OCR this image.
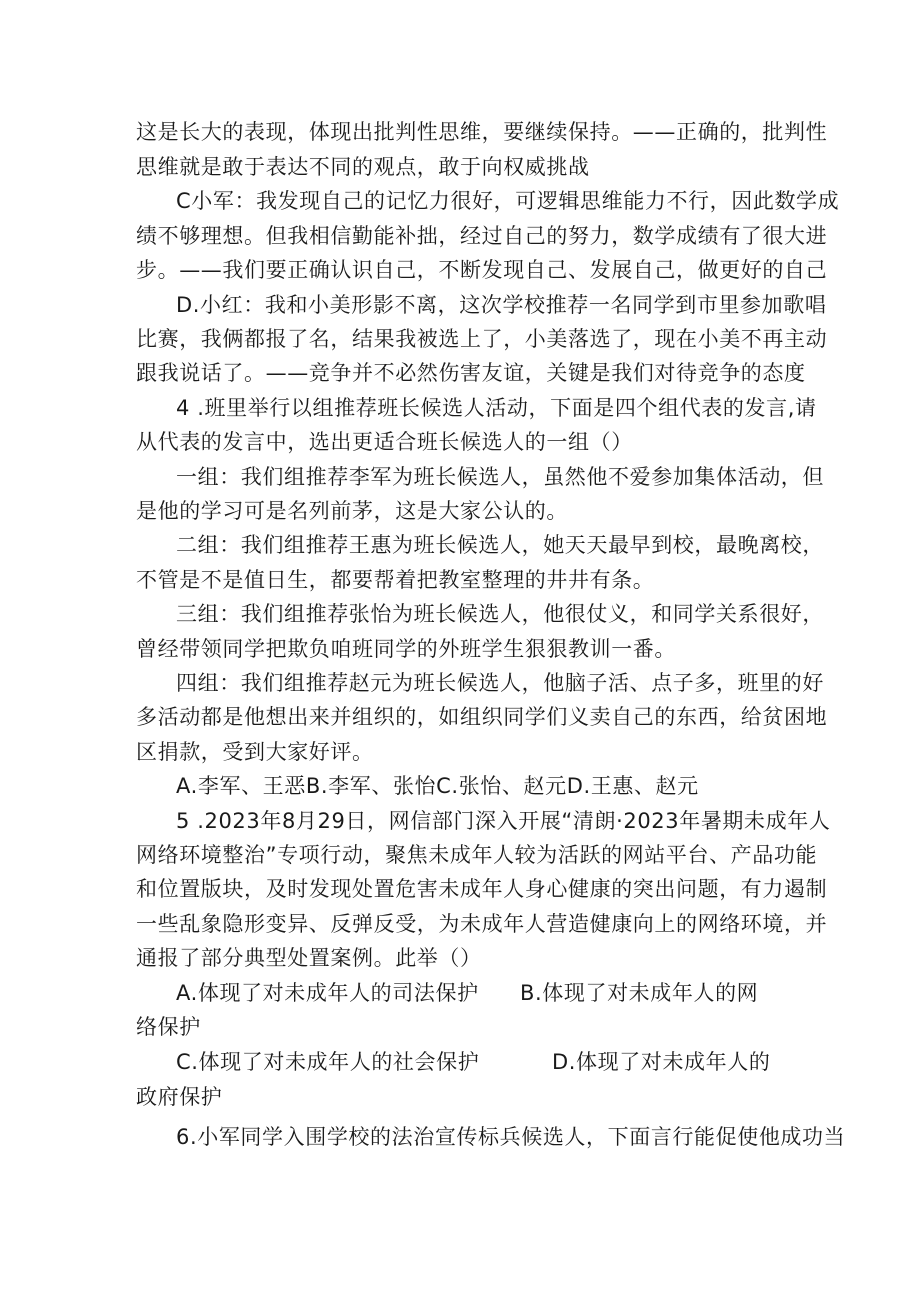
这是长大的表现，体现出批判性思维，要继续保持。——正确的，批判性
思维就是敢于表达不同的观点，敢于向权威挑战
C小军：我发现自己的记忆力很好，可逻辑思维能力不行，因此数学成
绩不够理想。但我相信勤能补拙，经过自己的努力，数学成绩有了很大进
步。——我们要正确认识自己，不断发现自己、发展自己，做更好的自己
D.小红：我和小美形影不离，这次学校推荐一名同学到市里参加歌唱
比赛，我俩都报了名，结果我被选上了，小美落选了，现在小美不再主动
跟我说话了。——竞争并不必然伤害友谊，关键是我们对待竞争的态度
4 .班里举行以组推荐班长候选人活动，下面是四个组代表的发言,请
从代表的发言中，选出更适合班长候选人的一组（）
一组：我们组推荐李军为班长候选人，虽然他不爱参加集体活动，但
是他的学习可是名列前茅，这是大家公认的。
二组：我们组推荐王惠为班长候选人，她天天最早到校，最晚离校，
不管是不是值日生，都要帮着把教室整理的井井有条。
三组：我们组推荐张怡为班长候选人，他很仗义，和同学关系很好，
曾经带领同学把欺负咱班同学的外班学生狠狠教训一番。
四组：我们组推荐赵元为班长候选人，他脑子活、点子多，班里的好
多活动都是他想出来并组织的，如组织同学们义卖自己的东西，给贫困地
区捐款，受到大家好评。
A.李军、王恶B.李军、张怡C.张怡、赵元D.王惠、赵元
5 .2023年8月29日，网信部门深入开展“清朗·2023年暑期未成年人
网络环境整治”专项行动，聚焦未成年人较为活跃的网站平台、产品功能
和位置版块，及时发现处置危害未成年人身心健康的突出问题，有力遏制
一些乱象隐形变异、反弹反受，为未成年人营造健康向上的网络环境，并
通报了部分典型处置案例。此举（）
A.体现了对未成年人的司法保护 B.体现了对未成年人的网
络保护
C.体现了对未成年人的社会保护	D.体现了对未成年人的
政府保护
6.小军同学入围学校的法治宣传标兵候选人，下面言行能促使他成功当
